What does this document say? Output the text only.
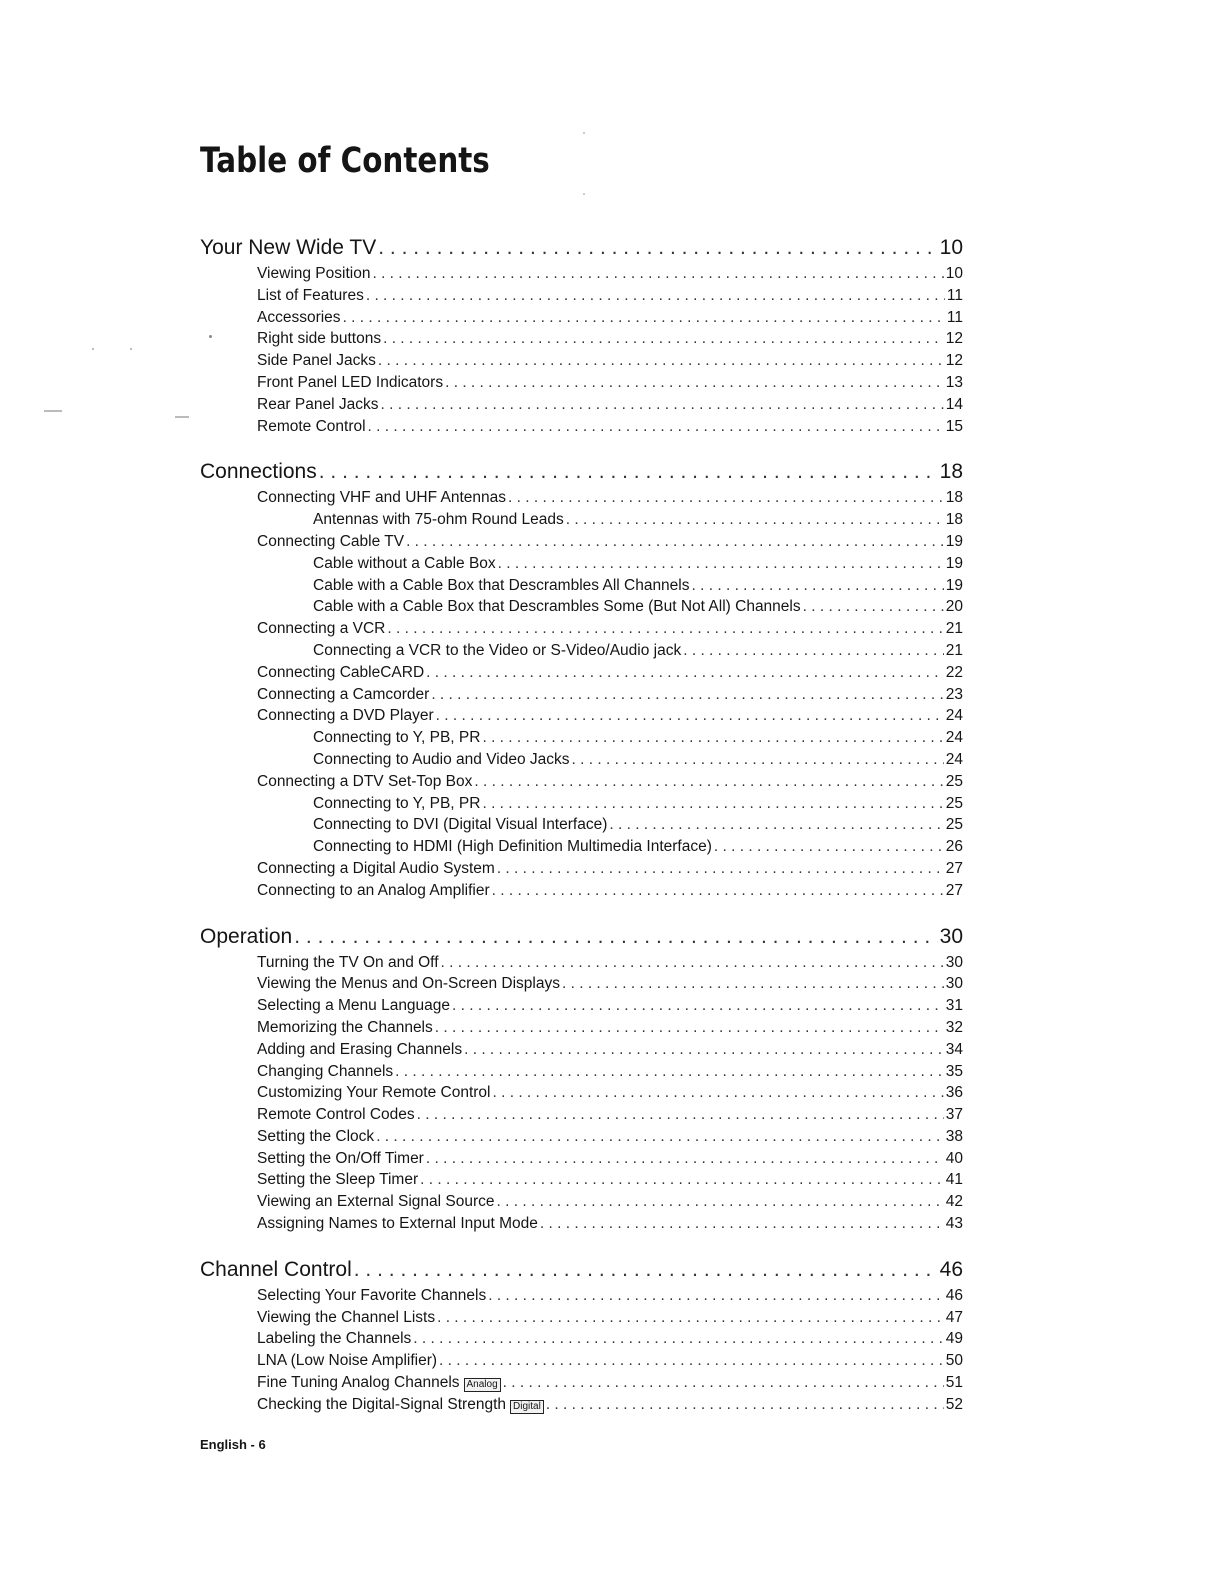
Table of Contents
Your New Wide TV . . .	10
Viewing Position . . .	10
List of Features . . .	11
Accessories . . .	11
Right side buttons . . .	12
Side Panel Jacks . . .	12
Front Panel LED Indicators . . .	13
Rear Panel Jacks . . .	14
Remote Control . . .	15
Connections . . .	18
Connecting VHF and UHF Antennas . . .	18
Antennas with 75-ohm Round Leads . . .	18
Connecting Cable TV . . .	19
Cable without a Cable Box . . .	19
Cable with a Cable Box that Descrambles All Channels . . .	19
Cable with a Cable Box that Descrambles Some (But Not All) Channels . . .	20
Connecting a VCR . . .	21
Connecting a VCR to the Video or S-Video/Audio jack . . .	21
Connecting CableCARD . . .	22
Connecting a Camcorder . . .	23
Connecting a DVD Player . . .	24
Connecting to Y, PB, PR . . .	24
Connecting to Audio and Video Jacks . . .	24
Connecting a DTV Set-Top Box . . .	25
Connecting to Y, PB, PR . . .	25
Connecting to DVI (Digital Visual Interface) . . .	25
Connecting to HDMI (High Definition Multimedia Interface) . . .	26
Connecting a Digital Audio System . . .	27
Connecting to an Analog Amplifier . . .	27
Operation . . .	30
Turning the TV On and Off . . .	30
Viewing the Menus and On-Screen Displays . . .	30
Selecting a Menu Language . . .	31
Memorizing the Channels . . .	32
Adding and Erasing Channels . . .	34
Changing Channels . . .	35
Customizing Your Remote Control . . .	36
Remote Control Codes . . .	37
Setting the Clock . . .	38
Setting the On/Off Timer . . .	40
Setting the Sleep Timer . . .	41
Viewing an External Signal Source . . .	42
Assigning Names to External Input Mode . . .	43
Channel Control . . .	46
Selecting Your Favorite Channels . . .	46
Viewing the Channel Lists . . .	47
Labeling the Channels . . .	49
LNA (Low Noise Amplifier) . . .	50
Fine Tuning Analog Channels Analog . . .	51
Checking the Digital-Signal Strength Digital . . .	52

English - 6
